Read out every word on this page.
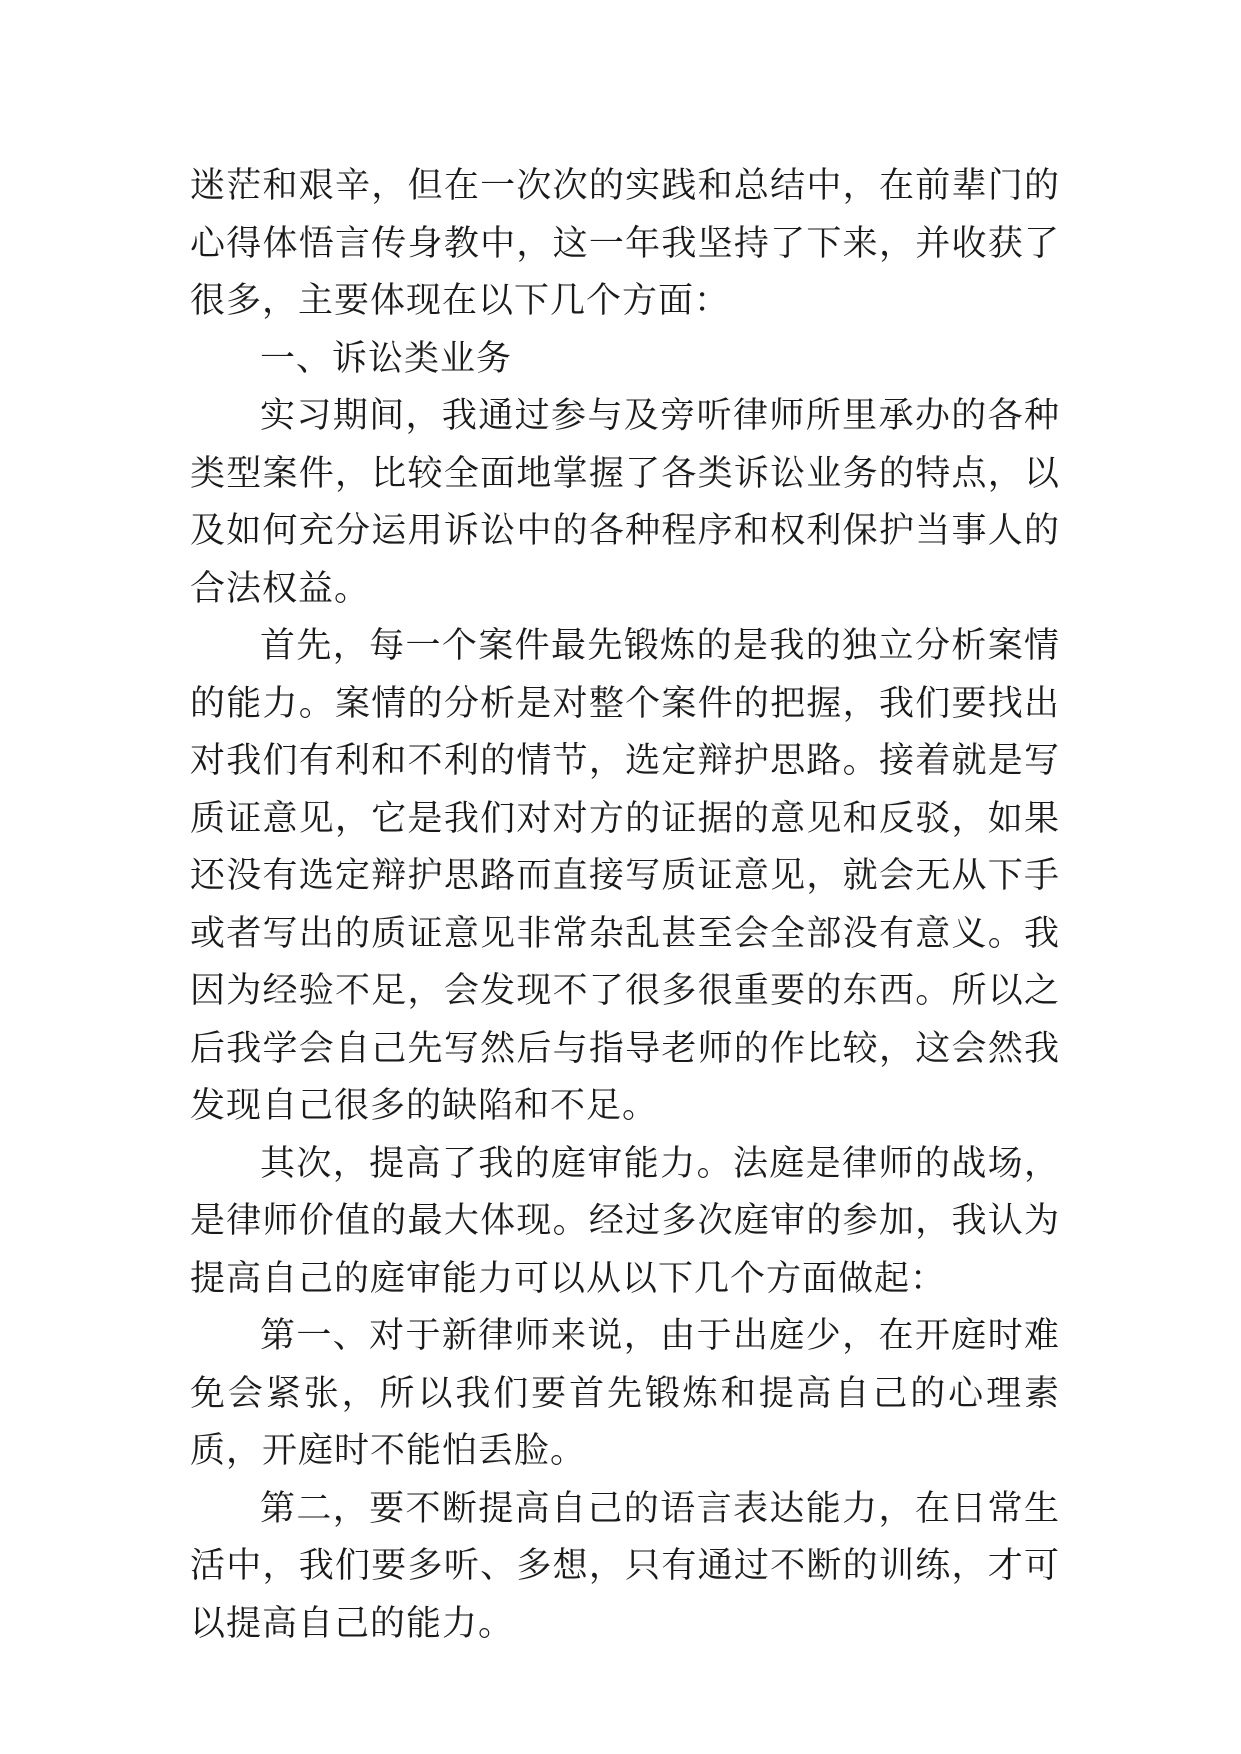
迷茫和艰辛，但在一次次的实践和总结中，在前辈门的心得体悟言传身教中，这一年我坚持了下来，并收获了很多，主要体现在以下几个方面：

一、诉讼类业务

实习期间，我通过参与及旁听律师所里承办的各种类型案件，比较全面地掌握了各类诉讼业务的特点，以及如何充分运用诉讼中的各种程序和权利保护当事人的合法权益。

首先，每一个案件最先锻炼的是我的独立分析案情的能力。案情的分析是对整个案件的把握，我们要找出对我们有利和不利的情节，选定辩护思路。接着就是写质证意见，它是我们对对方的证据的意见和反驳，如果还没有选定辩护思路而直接写质证意见，就会无从下手或者写出的质证意见非常杂乱甚至会全部没有意义。我因为经验不足，会发现不了很多很重要的东西。所以之后我学会自己先写然后与指导老师的作比较，这会然我发现自己很多的缺陷和不足。

其次，提高了我的庭审能力。法庭是律师的战场，是律师价值的最大体现。经过多次庭审的参加，我认为提高自己的庭审能力可以从以下几个方面做起：

第一、对于新律师来说，由于出庭少，在开庭时难免会紧张，所以我们要首先锻炼和提高自己的心理素质，开庭时不能怕丢脸。

第二，要不断提高自己的语言表达能力，在日常生活中，我们要多听、多想，只有通过不断的训练，才可以提高自己的能力。
